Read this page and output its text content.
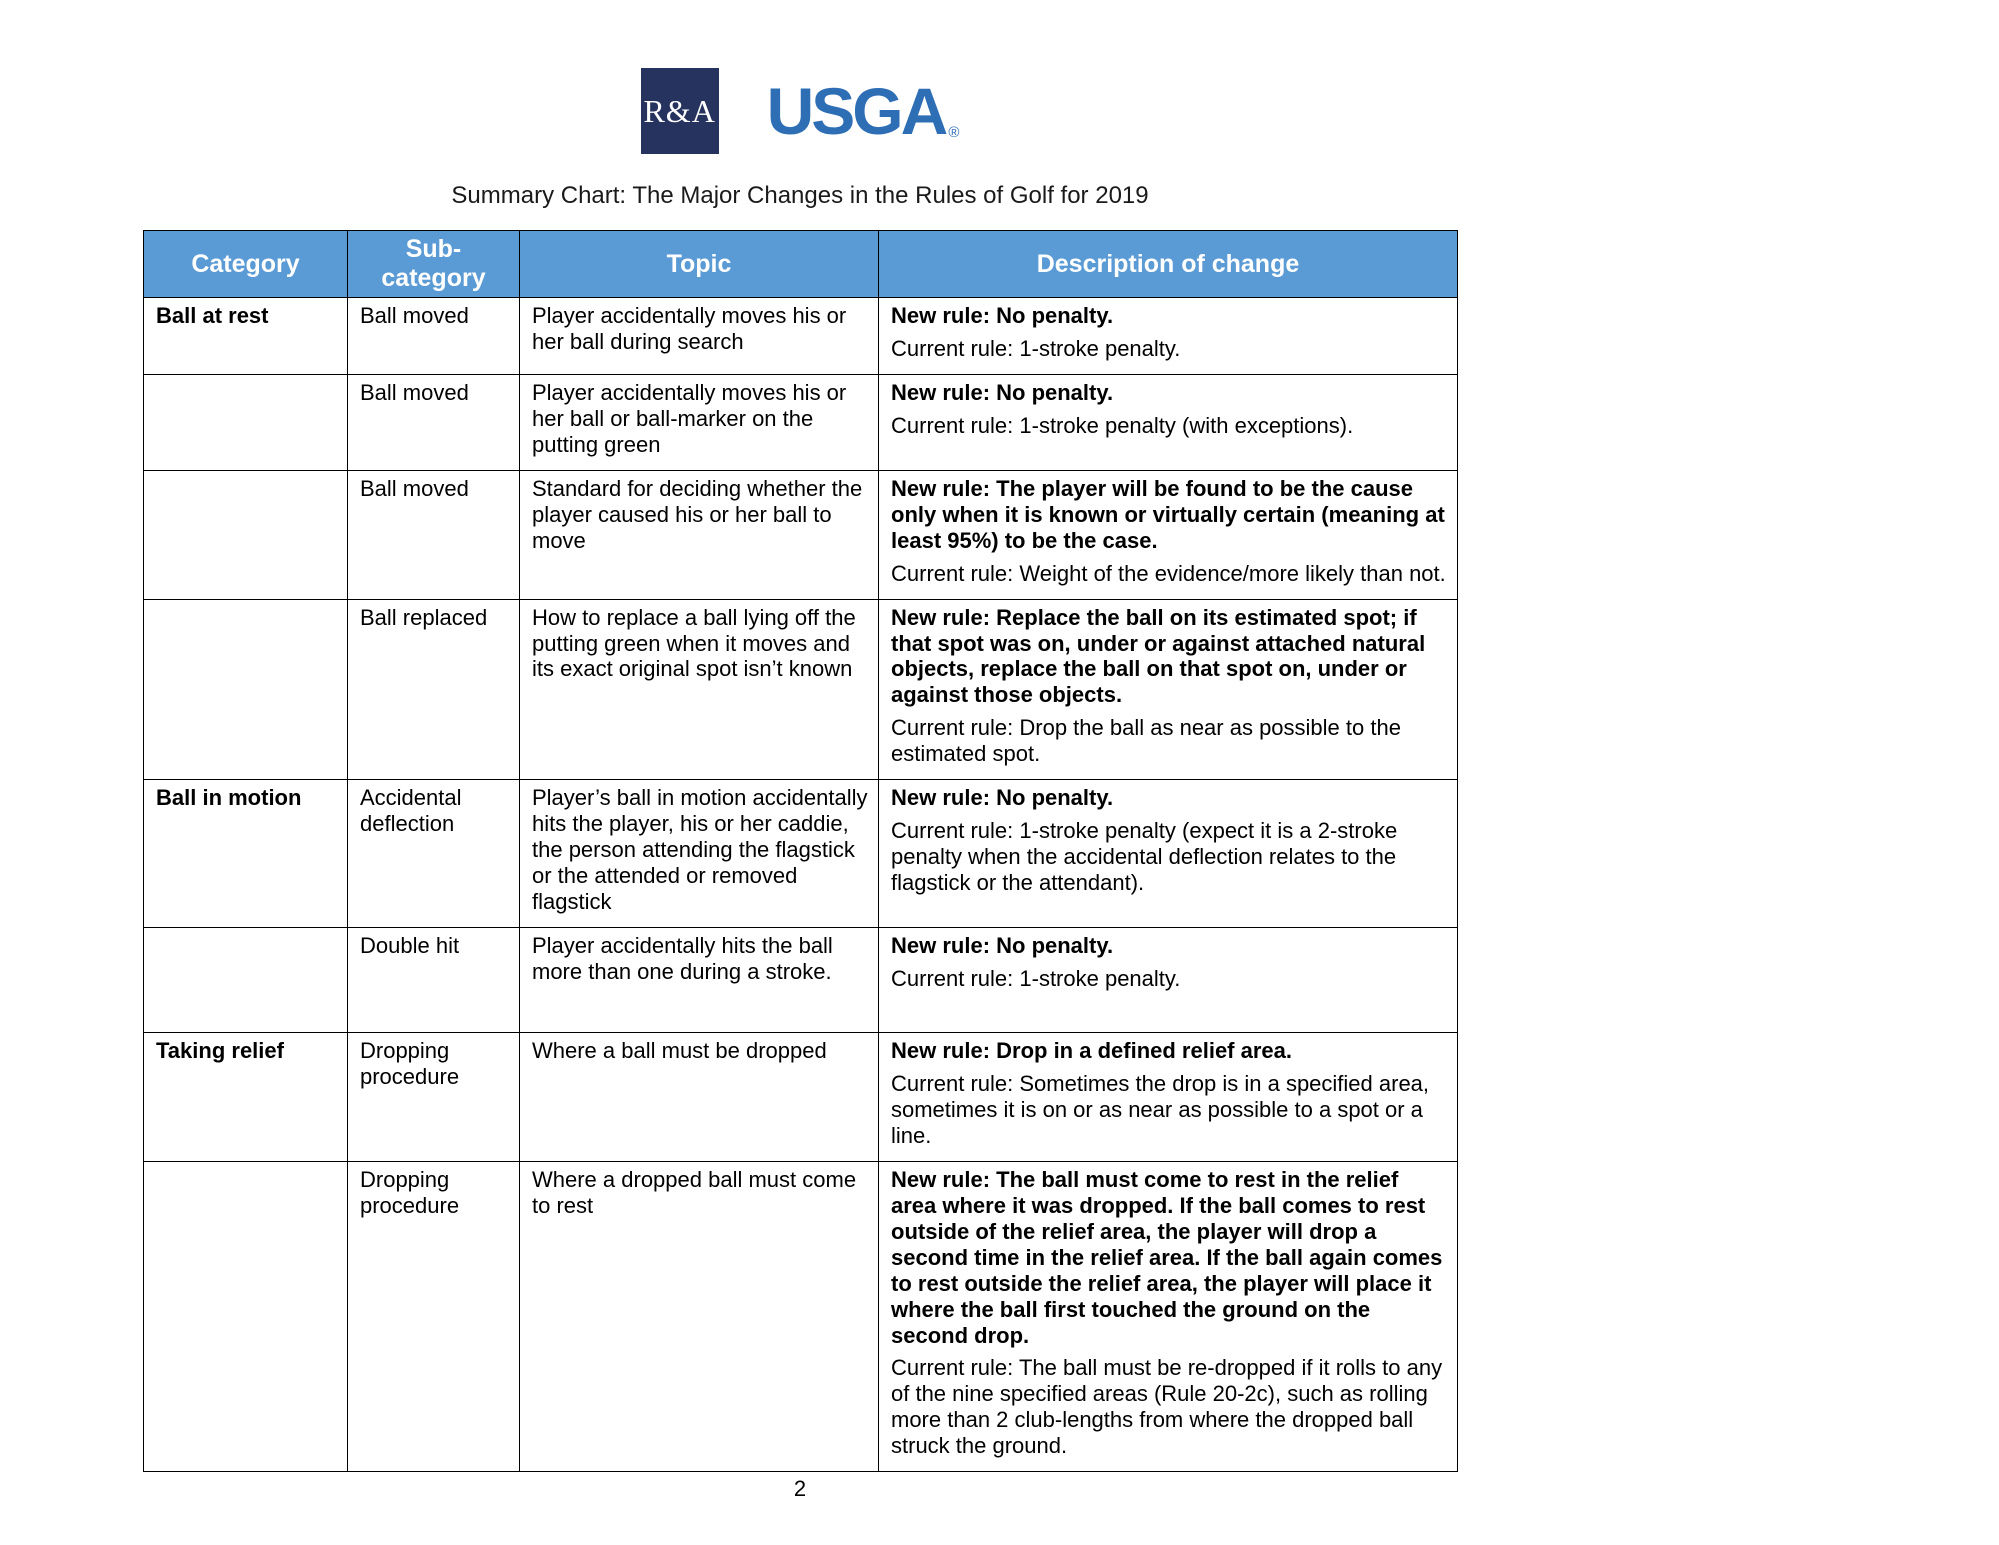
R&A USGA ®
Summary Chart: The Major Changes in the Rules of Golf for 2019
Category	Sub-category	Topic	Description of change
Ball at rest	Ball moved	Player accidentally moves his or her ball during search	New rule: No penalty.

Current rule: 1-stroke penalty.

	Ball moved	Player accidentally moves his or her ball or ball-marker on the putting green	New rule: No penalty.

Current rule: 1-stroke penalty (with exceptions).

	Ball moved	Standard for deciding whether the player caused his or her ball to move	New rule: The player will be found to be the cause only when it is known or virtually certain (meaning at least 95%) to be the case.

Current rule: Weight of the evidence/more likely than not.

	Ball replaced	How to replace a ball lying off the putting green when it moves and its exact original spot isn’t known	New rule: Replace the ball on its estimated spot; if that spot was on, under or against attached natural objects, replace the ball on that spot on, under or against those objects.

Current rule: Drop the ball as near as possible to the estimated spot.

Ball in motion	Accidental deflection	Player’s ball in motion accidentally hits the player, his or her caddie, the person attending the flagstick or the attended or removed flagstick	New rule: No penalty.

Current rule: 1-stroke penalty (expect it is a 2-stroke penalty when the accidental deflection relates to the flagstick or the attendant).

	Double hit	Player accidentally hits the ball more than one during a stroke.	New rule: No penalty.

Current rule: 1-stroke penalty.

Taking relief	Dropping procedure	Where a ball must be dropped	New rule: Drop in a defined relief area.

Current rule: Sometimes the drop is in a specified area, sometimes it is on or as near as possible to a spot or a line.

	Dropping procedure	Where a dropped ball must come to rest	New rule: The ball must come to rest in the relief area where it was dropped. If the ball comes to rest outside of the relief area, the player will drop a second time in the relief area. If the ball again comes to rest outside the relief area, the player will place it where the ball first touched the ground on the second drop.

Current rule: The ball must be re-dropped if it rolls to any of the nine specified areas (Rule 20-2c), such as rolling more than 2 club-lengths from where the dropped ball struck the ground.

2
